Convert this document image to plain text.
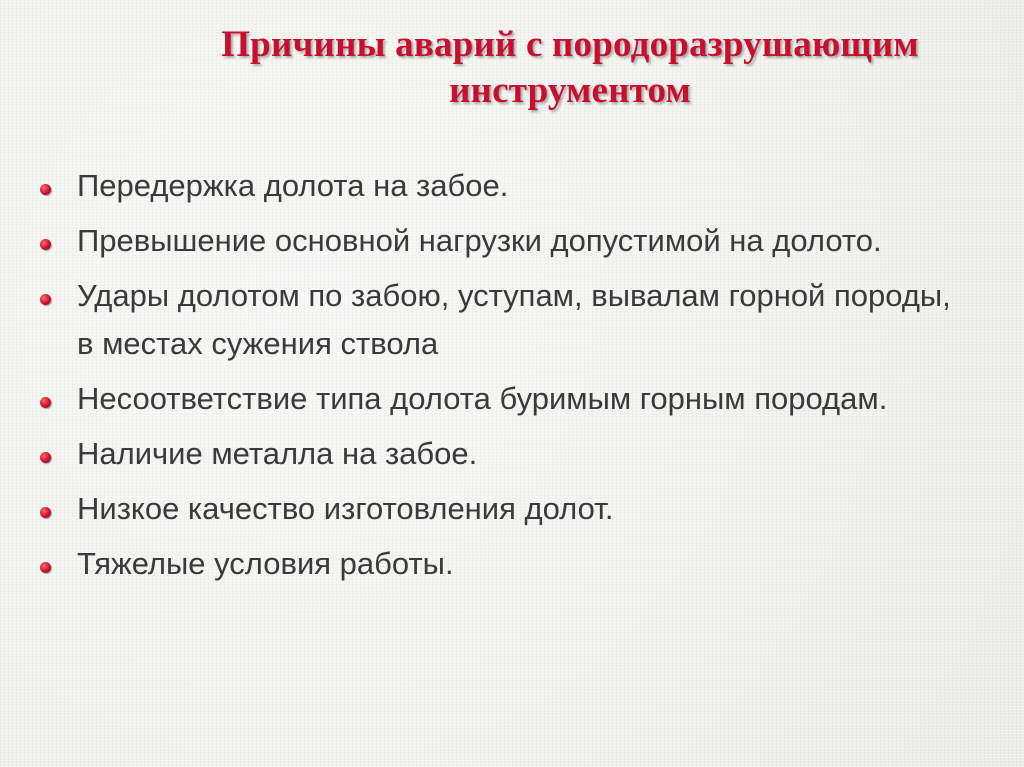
Причины аварий с породоразрушающим
инструментом
Передержка долота на забое.
Превышение основной нагрузки допустимой на долото.
Удары долотом по забою, уступам, вывалам горной породы, в местах сужения ствола
Несоответствие типа долота буримым горным породам.
Наличие металла на забое.
Низкое качество изготовления долот.
Тяжелые условия работы.
